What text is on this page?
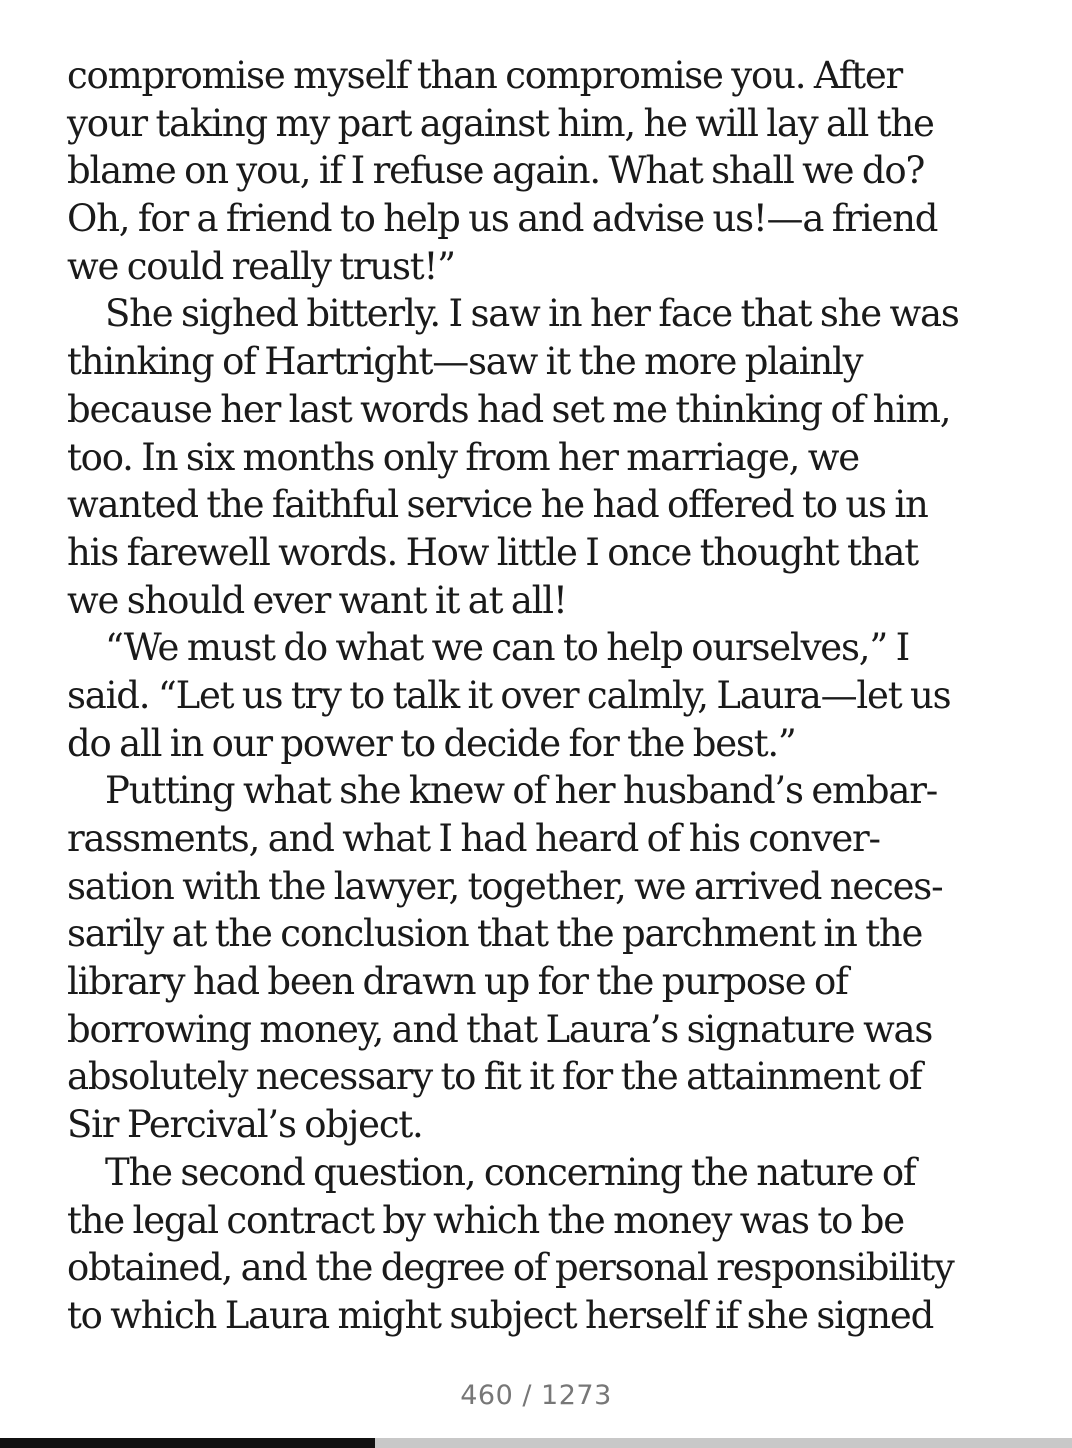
compromise myself than compromise you. After
your taking my part against him, he will lay all the
blame on you, if I refuse again. What shall we do?
Oh, for a friend to help us and advise us!—a friend
we could really trust!”
She sighed bitterly. I saw in her face that she was
thinking of Hartright—saw it the more plainly
because her last words had set me thinking of him,
too. In six months only from her marriage, we
wanted the faithful service he had offered to us in
his farewell words. How little I once thought that
we should ever want it at all!
“We must do what we can to help ourselves,” I
said. “Let us try to talk it over calmly, Laura—let us
do all in our power to decide for the best.”
Putting what she knew of her husband’s embar-
rassments, and what I had heard of his conver-
sation with the lawyer, together, we arrived neces-
sarily at the conclusion that the parchment in the
library had been drawn up for the purpose of
borrowing money, and that Laura’s signature was
absolutely necessary to fit it for the attainment of
Sir Percival’s object.
The second question, concerning the nature of
the legal contract by which the money was to be
obtained, and the degree of personal responsibility
to which Laura might subject herself if she signed
460 / 1273
